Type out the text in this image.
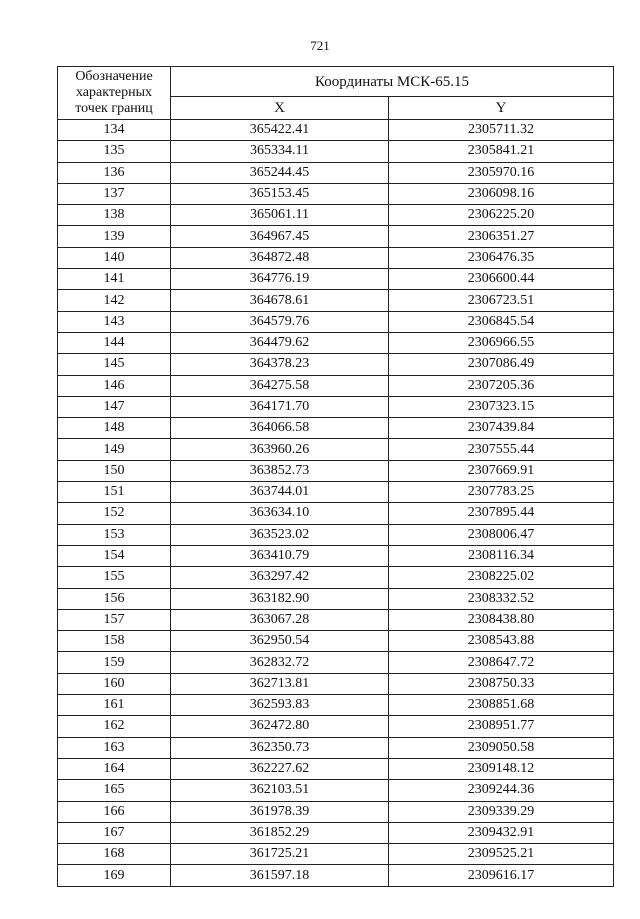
721
Обозначение характерных точек границ	Координаты МСК-65.15	
	X	Y
134	365422.41	2305711.32
135	365334.11	2305841.21
136	365244.45	2305970.16
137	365153.45	2306098.16
138	365061.11	2306225.20
139	364967.45	2306351.27
140	364872.48	2306476.35
141	364776.19	2306600.44
142	364678.61	2306723.51
143	364579.76	2306845.54
144	364479.62	2306966.55
145	364378.23	2307086.49
146	364275.58	2307205.36
147	364171.70	2307323.15
148	364066.58	2307439.84
149	363960.26	2307555.44
150	363852.73	2307669.91
151	363744.01	2307783.25
152	363634.10	2307895.44
153	363523.02	2308006.47
154	363410.79	2308116.34
155	363297.42	2308225.02
156	363182.90	2308332.52
157	363067.28	2308438.80
158	362950.54	2308543.88
159	362832.72	2308647.72
160	362713.81	2308750.33
161	362593.83	2308851.68
162	362472.80	2308951.77
163	362350.73	2309050.58
164	362227.62	2309148.12
165	362103.51	2309244.36
166	361978.39	2309339.29
167	361852.29	2309432.91
168	361725.21	2309525.21
169	361597.18	2309616.17
